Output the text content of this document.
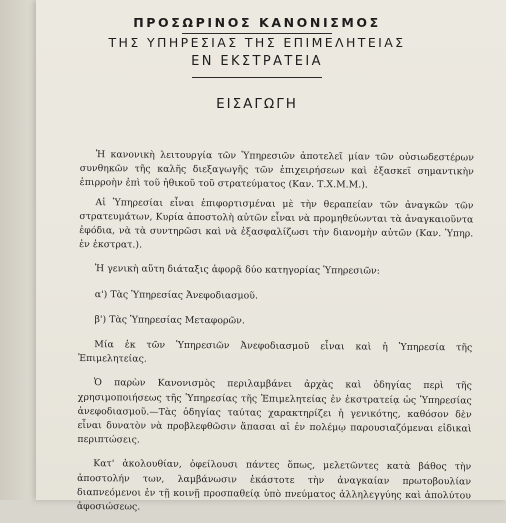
ΠΡΟΣΩΡΙΝΟΣ ΚΑΝΟΝΙΣΜΟΣ
ΤΗΣ ΥΠΗΡΕΣΙΑΣ ΤΗΣ ΕΠΙΜΕΛΗΤΕΙΑΣ
ΕΝ ΕΚΣΤΡΑΤΕΙΑ
ΕΙΣΑΓΩΓΗ

Ἡ κανονικὴ λειτουργία τῶν Ὑπηρεσιῶν ἀποτελεῖ μίαν τῶν οὐσιωδεστέρων συνθηκῶν τῆς καλῆς διεξαγωγῆς τῶν ἐπιχειρήσεων καὶ ἐξασκεῖ σημαντικὴν ἐπιρροὴν ἐπὶ τοῦ ἠθικοῦ τοῦ στρατεύματος (Καν. Τ.Χ.Μ.Μ.).

Αἱ Ὑπηρεσίαι εἶναι ἐπιφορτισμέναι μὲ τὴν θεραπείαν τῶν ἀναγκῶν τῶν στρατευμάτων, Κυρία ἀποστολὴ αὐτῶν εἶναι νὰ προμηθεύωνται τὰ ἀναγκαιοῦντα ἐφόδια, νὰ τὰ συντηρῶσι καὶ νὰ ἐξασφαλίζωσι τὴν διανομὴν αὐτῶν (Καν. Ὑπηρ. ἐν ἐκστρατ.).

Ἡ γενικὴ αὕτη διάταξις ἀφορᾷ δύο κατηγορίας Ὑπηρεσιῶν:

α') Τὰς Ὑπηρεσίας Ἀνεφοδιασμοῦ.

β') Τὰς Ὑπηρεσίας Μεταφορῶν.

Μία ἐκ τῶν Ὑπηρεσιῶν Ἀνεφοδιασμοῦ εἶναι καὶ ἡ Ὑπηρεσία τῆς Ἐπιμελητείας.

Ὁ παρὼν Κανονισμὸς περιλαμβάνει ἀρχὰς καὶ ὁδηγίας περὶ τῆς χρησιμοποιήσεως τῆς Ὑπηρεσίας τῆς Ἐπιμελητείας ἐν ἐκστρατείᾳ ὡς Ὑπηρεσίας ἀνεφοδιασμοῦ.—Τὰς ὁδηγίας ταύτας χαρακτηρίζει ἡ γενικότης, καθόσον δὲν εἶναι δυνατὸν νὰ προβλεφθῶσιν ἅπασαι αἱ ἐν πολέμῳ παρουσιαζόμεναι εἰδικαὶ περιπτώσεις.

Κατ' ἀκολουθίαν, ὀφείλουσι πάντες ὅπως, μελετῶντες κατὰ βάθος τὴν ἀποστολήν των, λαμβάνωσιν ἑκάστοτε τὴν ἀναγκαίαν πρωτοβουλίαν διαπνεόμενοι ἐν τῇ κοινῇ προσπαθείᾳ ὑπὸ πνεύματος ἀλληλεγγύης καὶ ἀπολύτου ἀφοσιώσεως.
